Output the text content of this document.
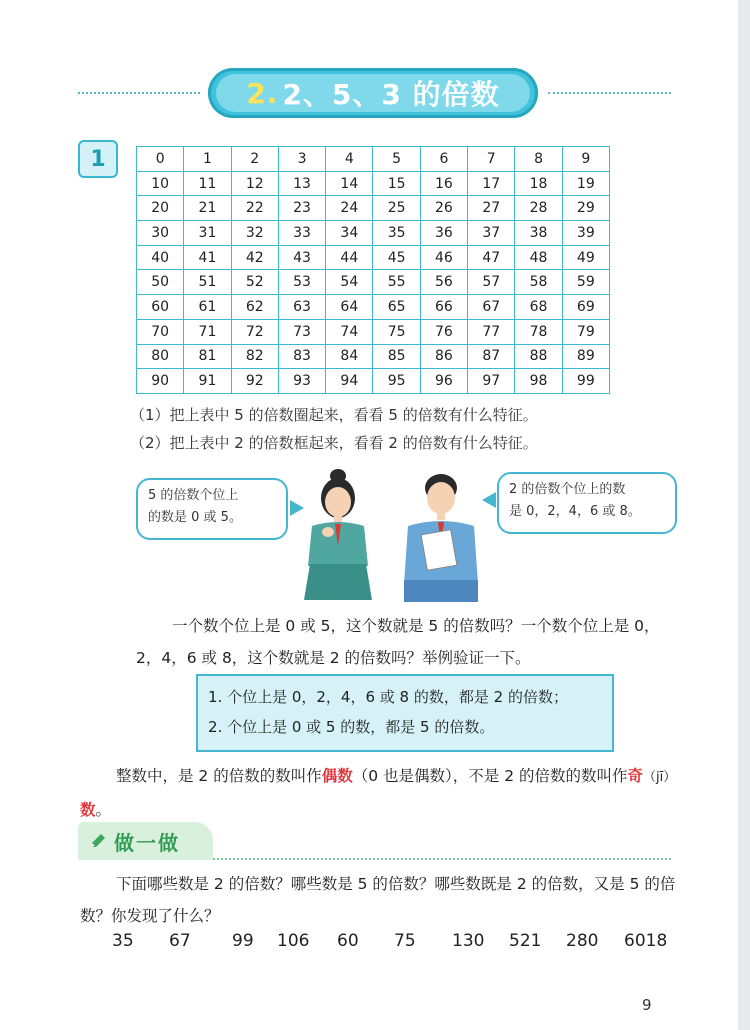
2. 2、5、3 的倍数
1	0	1	2	3	4	5	6	7	8	9
10	11	12	13	14	15	16	17	18	19
20	21	22	23	24	25	26	27	28	29
30	31	32	33	34	35	36	37	38	39
40	41	42	43	44	45	46	47	48	49
50	51	52	53	54	55	56	57	58	59
60	61	62	63	64	65	66	67	68	69
70	71	72	73	74	75	76	77	78	79
80	81	82	83	84	85	86	87	88	89
90	91	92	93	94	95	96	97	98	99
（1）把上表中 5 的倍数圈起来，看看 5 的倍数有什么特征。
（2）把上表中 2 的倍数框起来，看看 2 的倍数有什么特征。
5 的倍数个位上
的数是 0 或 5。
2 的倍数个位上的数
是 0，2，4，6 或 8。
一个数个位上是 0 或 5，这个数就是 5 的倍数吗？一个数个位上是 0，2，4，6 或 8，这个数就是 2 的倍数吗？举例验证一下。
1. 个位上是 0，2，4，6 或 8 的数，都是 2 的倍数；
2. 个位上是 0 或 5 的数，都是 5 的倍数。
整数中，是 2 的倍数的数叫作偶数（0 也是偶数），不是 2 的倍数的数叫作奇（jī）数。
做一做
下面哪些数是 2 的倍数？哪些数是 5 的倍数？哪些数既是 2 的倍数，又是 5 的倍数？你发现了什么？
35 67 99 106 60 75 130 521 280 6018
9
